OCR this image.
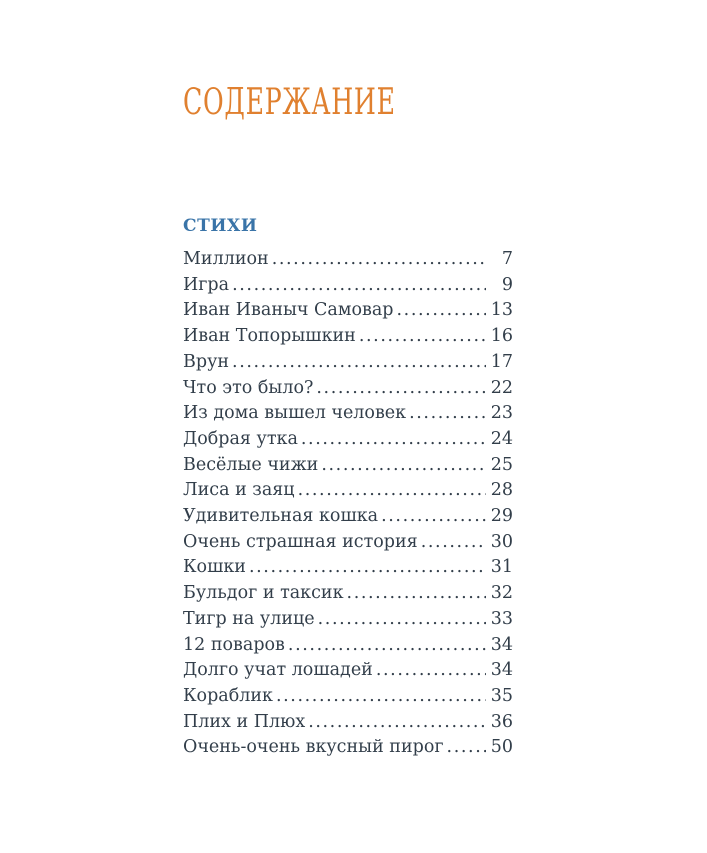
СОДЕРЖАНИЕ
СТИХИ
Миллион .....	7
Игра .....	9
Иван Иваныч Самовар .....	13
Иван Топорышкин .....	16
Врун .....	17
Что это было? .....	22
Из дома вышел человек .....	23
Добрая утка .....	24
Весёлые чижи .....	25
Лиса и заяц .....	28
Удивительная кошка .....	29
Очень страшная история .....	30
Кошки .....	31
Бульдог и таксик .....	32
Тигр на улице .....	33
12 поваров .....	34
Долго учат лошадей .....	34
Кораблик .....	35
Плих и Плюх .....	36
Очень-очень вкусный пирог .....	50
